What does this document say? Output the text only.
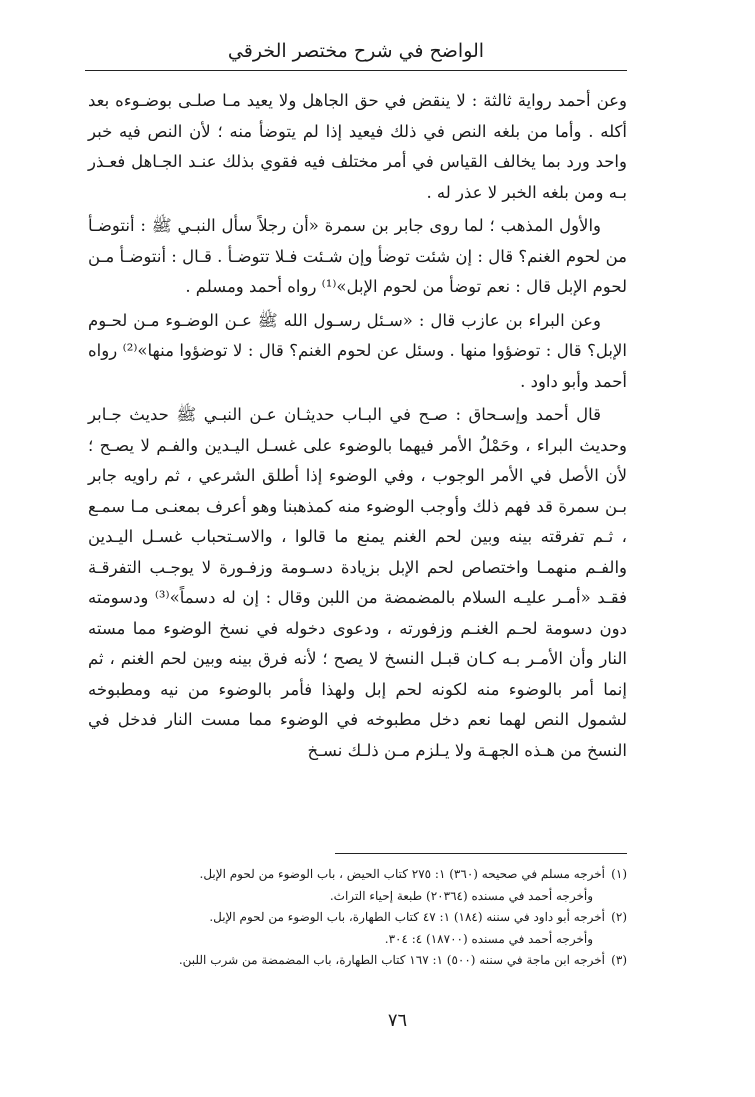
الواضح في شرح مختصر الخرقي

وعن أحمد رواية ثالثة : لا ينقض في حق الجاهل ولا يعيد مـا صلـى بوضـوءه بعد أكله . وأما من بلغه النص في ذلك فيعيد إذا لم يتوضأ منه ؛ لأن النص فيه خبر واحد ورد بما يخالف القياس في أمر مختلف فيه فقوي بذلك عنـد الجـاهل فعـذر بـه ومن بلغه الخبر لا عذر له .

والأول المذهب ؛ لما روى جابر بن سمرة «أن رجلاً سأل النبـي ﷺ : أنتوضـأ من لحوم الغنم؟ قال : إن شئت توضأ وإن شـئت فـلا تتوضـأ . قـال : أنتوضـأ مـن لحوم الإبل قال : نعم توضأ من لحوم الإبل»⁽¹⁾ رواه أحمد ومسلم .

وعن البراء بن عازب قال : «سـئل رسـول الله ﷺ عـن الوضـوء مـن لحـوم الإبل؟ قال : توضؤوا منها . وسئل عن لحوم الغنم؟ قال : لا توضؤوا منها»⁽²⁾ رواه أحمد وأبو داود .

قال أحمد وإسـحاق : صـح في البـاب حديثـان عـن النبـي ﷺ حديث جـابر وحديث البراء ، وحَمْلُ الأمر فيهما بالوضوء على غسـل اليـدين والفـم لا يصـح ؛ لأن الأصل في الأمر الوجوب ، وفي الوضوء إذا أطلق الشرعي ، ثم راويه جابر بـن سمرة قد فهم ذلك وأوجب الوضوء منه كمذهبنا وهو أعرف بمعنـى مـا سمـع ، ثـم تفرقته بينه وبين لحم الغنم يمنع ما قالوا ، والاسـتحباب غسـل اليـدين والفـم منهمـا واختصاص لحم الإبل بزيادة دسـومة وزفـورة لا يوجـب التفرقـة فقـد «أمـر عليـه السلام بالمضمضة من اللبن وقال : إن له دسماً»⁽³⁾ ودسومته دون دسومة لحـم الغنـم وزفورته ، ودعوى دخوله في نسخ الوضوء مما مسته النار وأن الأمـر بـه كـان قبـل النسخ لا يصح ؛ لأنه فرق بينه وبين لحم الغنم ، ثم إنما أمر بالوضوء منه لكونه لحم إبل ولهذا فأمر بالوضوء من نيه ومطبوخه لشمول النص لهما نعم دخل مطبوخه في الوضوء مما مست النار فدخل في النسخ من هـذه الجهـة ولا يـلزم مـن ذلـك نسـخ

(١)
أخرجه مسلم في صحيحه (٣٦٠) ١: ٢٧٥ كتاب الحيض ، باب الوضوء من لحوم الإبل.

وأخرجه أحمد في مسنده (٢٠٣٦٤) طبعة إحياء التراث.

(٢)
أخرجه أبو داود في سننه (١٨٤) ١: ٤٧ كتاب الطهارة، باب الوضوء من لحوم الإبل.

وأخرجه أحمد في مسنده (١٨٧٠٠) ٤: ٣٠٤.

(٣)
أخرجه ابن ماجة في سننه (٥٠٠) ١: ١٦٧ كتاب الطهارة، باب المضمضة من شرب اللبن.

٧٦
